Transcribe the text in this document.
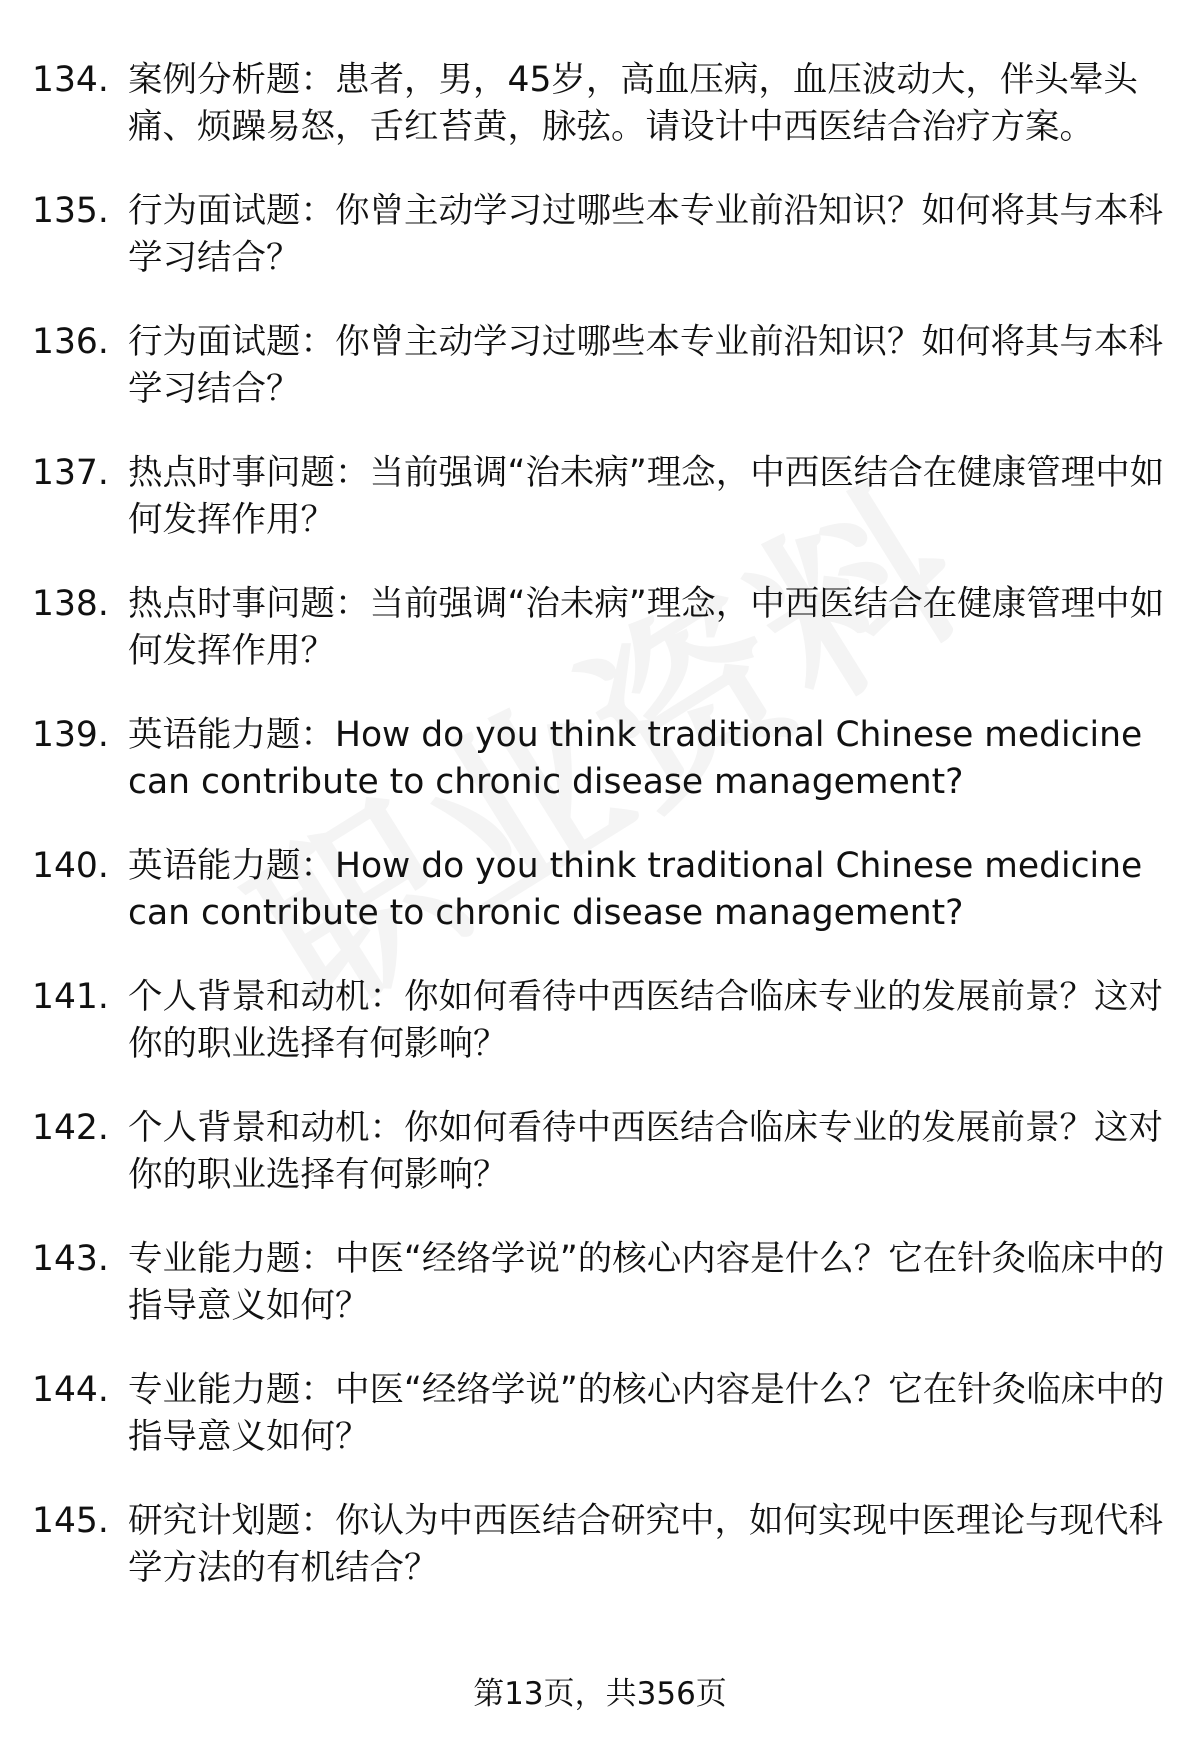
134. 案例分析题：患者，男，45岁，高血压病，血压波动大，伴头晕头痛、烦躁易怒，舌红苔黄，脉弦。请设计中西医结合治疗方案。
135. 行为面试题：你曾主动学习过哪些本专业前沿知识？如何将其与本科学习结合？
136. 行为面试题：你曾主动学习过哪些本专业前沿知识？如何将其与本科学习结合？
137. 热点时事问题：当前强调“治未病”理念，中西医结合在健康管理中如何发挥作用？
138. 热点时事问题：当前强调“治未病”理念，中西医结合在健康管理中如何发挥作用？
139. 英语能力题：How do you think traditional Chinese medicine can contribute to chronic disease management?
140. 英语能力题：How do you think traditional Chinese medicine can contribute to chronic disease management?
141. 个人背景和动机：你如何看待中西医结合临床专业的发展前景？这对你的职业选择有何影响？
142. 个人背景和动机：你如何看待中西医结合临床专业的发展前景？这对你的职业选择有何影响？
143. 专业能力题：中医“经络学说”的核心内容是什么？它在针灸临床中的指导意义如何？
144. 专业能力题：中医“经络学说”的核心内容是什么？它在针灸临床中的指导意义如何？
145. 研究计划题：你认为中西医结合研究中，如何实现中医理论与现代科学方法的有机结合？
第13页，共356页
